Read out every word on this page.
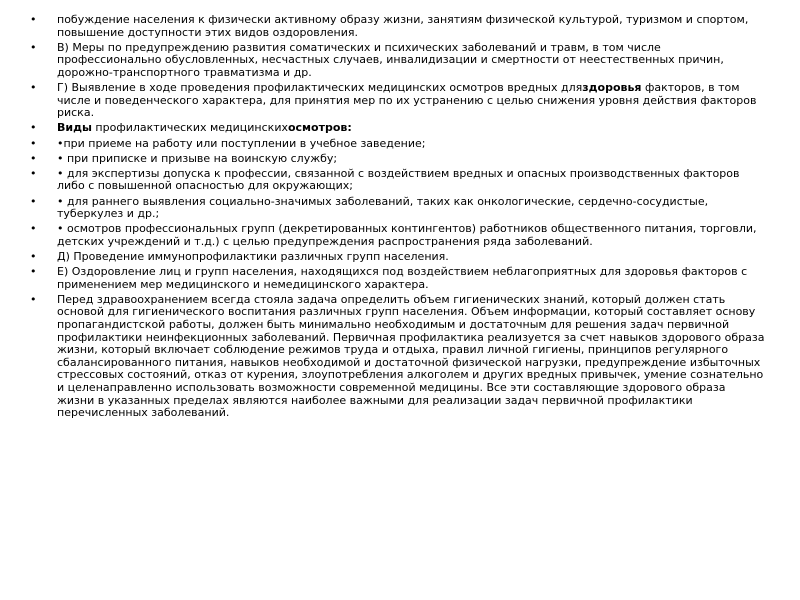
• побуждение населения к физически активному образу жизни, занятиям физической культурой, туризмом и спортом, повышение доступности этих видов оздоровления.
• В) Меры по предупреждению развития соматических и психических заболеваний и травм, в том числе профессионально обусловленных, несчастных случаев, инвалидизации и смертности от неестественных причин, дорожно-транспортного травматизма и др.
• Г) Выявление в ходе проведения профилактических медицинских осмотров вредных дляздоровья факторов, в том числе и поведенческого характера, для принятия мер по их устранению с целью снижения уровня действия факторов риска.
• Виды профилактических медицинскихосмотров:
• •при приеме на работу или поступлении в учебное заведение;
• • при приписке и призыве на воинскую службу;
• • для экспертизы допуска к профессии, связанной с воздействием вредных и опасных производственных факторов либо с повышенной опасностью для окружающих;
• • для раннего выявления социально-значимых заболеваний, таких как онкологические, сердечно-сосудистые, туберкулез и др.;
• • осмотров профессиональных групп (декретированных контингентов) работников общественного питания, торговли, детских учреждений и т.д.) с целью предупреждения распространения ряда заболеваний.
• Д) Проведение иммунопрофилактики различных групп населения.
• Е) Оздоровление лиц и групп населения, находящихся под воздействием неблагоприятных для здоровья факторов с применением мер медицинского и немедицинского характера.
• Перед здравоохранением всегда стояла задача определить объем гигиенических знаний, который должен стать основой для гигиенического воспитания различных групп населения. Объем информации, который составляет основу пропагандистской работы, должен быть минимально необходимым и достаточным для решения задач первичной профилактики неинфекционных заболеваний. Первичная профилактика реализуется за счет навыков здорового образа жизни, который включает соблюдение режимов труда и отдыха, правил личной гигиены, принципов регулярного сбалансированного питания, навыков необходимой и достаточной физической нагрузки, предупреждение избыточных стрессовых состояний, отказ от курения, злоупотребления алкоголем и других вредных привычек, умение сознательно и целенаправленно использовать возможности современной медицины. Все эти составляющие здорового образа жизни в указанных пределах являются наиболее важными для реализации задач первичной профилактики перечисленных заболеваний.
